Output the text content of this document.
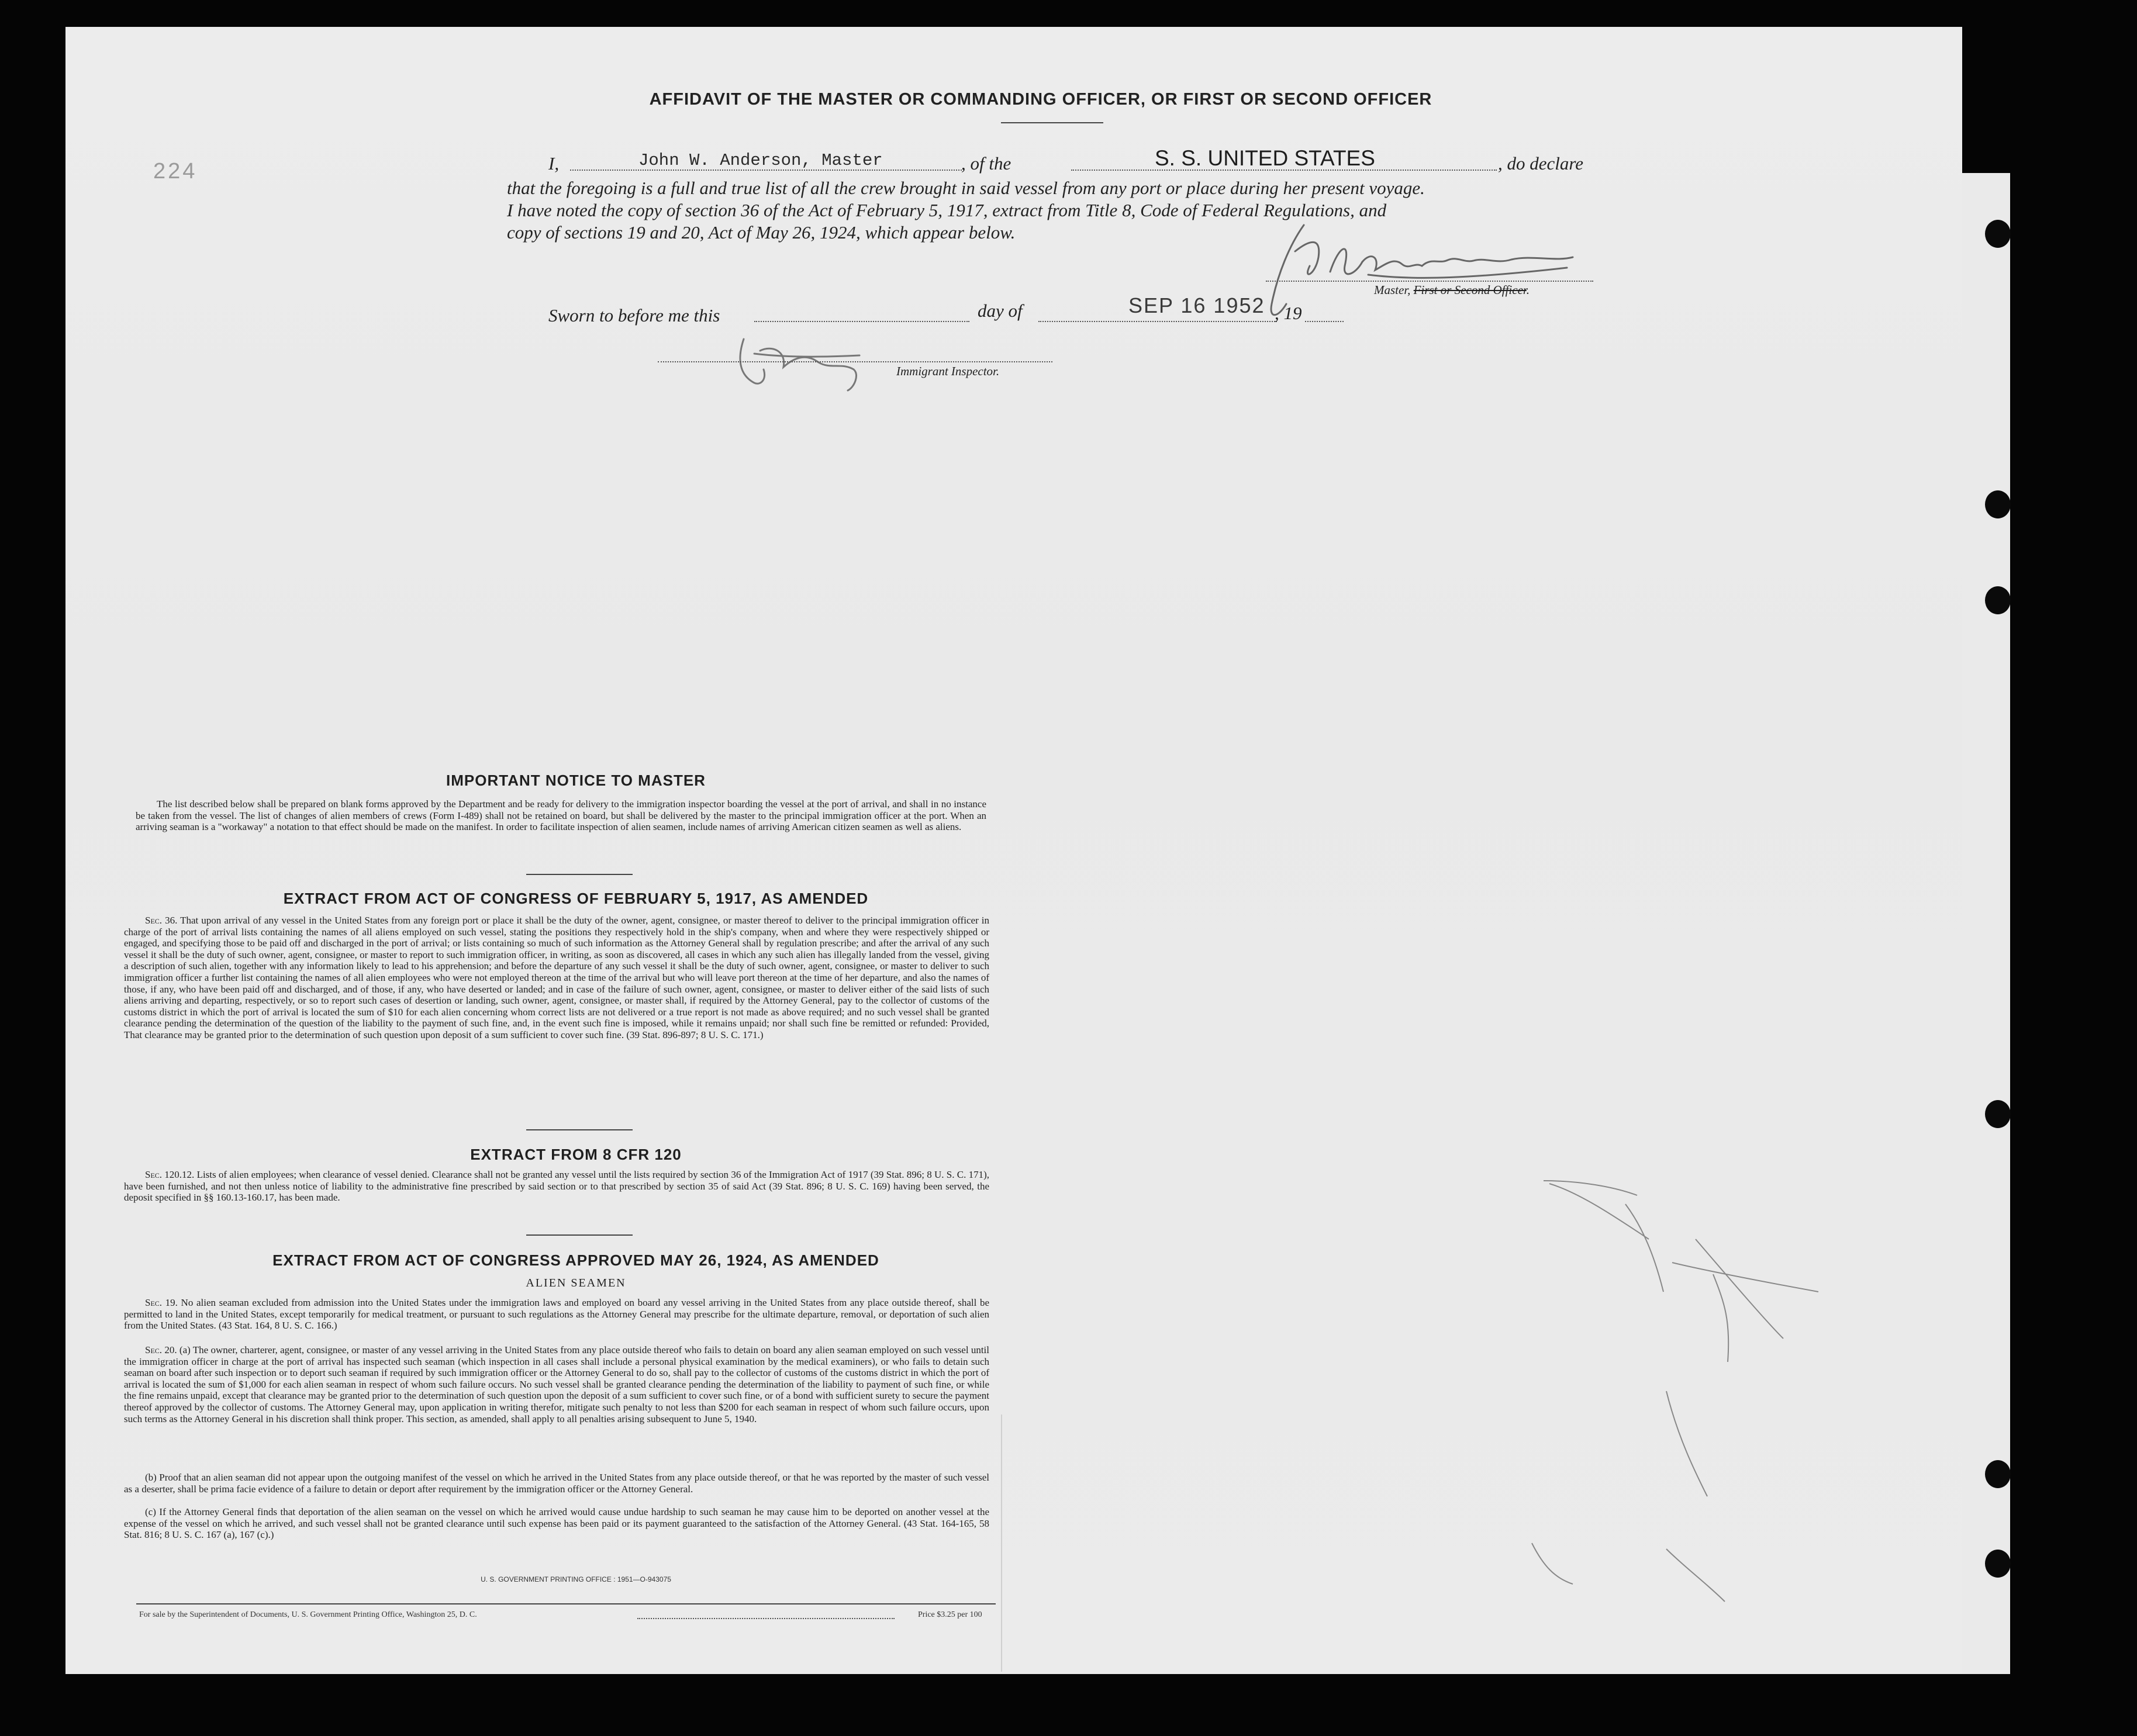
224
AFFIDAVIT OF THE MASTER OR COMMANDING OFFICER, OR FIRST OR SECOND OFFICER
I,	John W. Anderson, Master	, of the	S. S. UNITED STATES	, do declare
that the foregoing is a full and true list of all the crew brought in said vessel from any port or place during her present voyage.
I have noted the copy of section 36 of the Act of February 5, 1917, extract from Title 8, Code of Federal Regulations, and
copy of sections 19 and 20, Act of May 26, 1924, which appear below.
Master, First or Second Officer.
Sworn to before me this	day of	SEP 16 1952 , 19
Immigrant Inspector.
IMPORTANT NOTICE TO MASTER
The list described below shall be prepared on blank forms approved by the Department and be ready for delivery to the immigration inspector boarding the vessel at the port of arrival, and shall in no instance be taken from the vessel. The list of changes of alien members of crews (Form I-489) shall not be retained on board, but shall be delivered by the master to the principal immigration officer at the port. When an arriving seaman is a "workaway" a notation to that effect should be made on the manifest. In order to facilitate inspection of alien seamen, include names of arriving American citizen seamen as well as aliens.
EXTRACT FROM ACT OF CONGRESS OF FEBRUARY 5, 1917, AS AMENDED
Sec. 36. That upon arrival of any vessel in the United States from any foreign port or place it shall be the duty of the owner, agent, consignee, or master thereof to deliver to the principal immigration officer in charge of the port of arrival lists containing the names of all aliens employed on such vessel, stating the positions they respectively hold in the ship's company, when and where they were respectively shipped or engaged, and specifying those to be paid off and discharged in the port of arrival; or lists containing so much of such information as the Attorney General shall by regulation prescribe; and after the arrival of any such vessel it shall be the duty of such owner, agent, consignee, or master to report to such immigration officer, in writing, as soon as discovered, all cases in which any such alien has illegally landed from the vessel, giving a description of such alien, together with any information likely to lead to his apprehension; and before the departure of any such vessel it shall be the duty of such owner, agent, consignee, or master to deliver to such immigration officer a further list containing the names of all alien employees who were not employed thereon at the time of the arrival but who will leave port thereon at the time of her departure, and also the names of those, if any, who have been paid off and discharged, and of those, if any, who have deserted or landed; and in case of the failure of such owner, agent, consignee, or master to deliver either of the said lists of such aliens arriving and departing, respectively, or so to report such cases of desertion or landing, such owner, agent, consignee, or master shall, if required by the Attorney General, pay to the collector of customs of the customs district in which the port of arrival is located the sum of $10 for each alien concerning whom correct lists are not delivered or a true report is not made as above required; and no such vessel shall be granted clearance pending the determination of the question of the liability to the payment of such fine, and, in the event such fine is imposed, while it remains unpaid; nor shall such fine be remitted or refunded: Provided, That clearance may be granted prior to the determination of such question upon deposit of a sum sufficient to cover such fine. (39 Stat. 896-897; 8 U. S. C. 171.)
EXTRACT FROM 8 CFR 120
Sec. 120.12. Lists of alien employees; when clearance of vessel denied. Clearance shall not be granted any vessel until the lists required by section 36 of the Immigration Act of 1917 (39 Stat. 896; 8 U. S. C. 171), have been furnished, and not then unless notice of liability to the administrative fine prescribed by said section or to that prescribed by section 35 of said Act (39 Stat. 896; 8 U. S. C. 169) having been served, the deposit specified in §§ 160.13-160.17, has been made.
EXTRACT FROM ACT OF CONGRESS APPROVED MAY 26, 1924, AS AMENDED
ALIEN SEAMEN
Sec. 19. No alien seaman excluded from admission into the United States under the immigration laws and employed on board any vessel arriving in the United States from any place outside thereof, shall be permitted to land in the United States, except temporarily for medical treatment, or pursuant to such regulations as the Attorney General may prescribe for the ultimate departure, removal, or deportation of such alien from the United States. (43 Stat. 164, 8 U. S. C. 166.)
Sec. 20. (a) The owner, charterer, agent, consignee, or master of any vessel arriving in the United States from any place outside thereof who fails to detain on board any alien seaman employed on such vessel until the immigration officer in charge at the port of arrival has inspected such seaman (which inspection in all cases shall include a personal physical examination by the medical examiners), or who fails to detain such seaman on board after such inspection or to deport such seaman if required by such immigration officer or the Attorney General to do so, shall pay to the collector of customs of the customs district in which the port of arrival is located the sum of $1,000 for each alien seaman in respect of whom such failure occurs. No such vessel shall be granted clearance pending the determination of the liability to payment of such fine, or while the fine remains unpaid, except that clearance may be granted prior to the determination of such question upon the deposit of a sum sufficient to cover such fine, or of a bond with sufficient surety to secure the payment thereof approved by the collector of customs. The Attorney General may, upon application in writing therefor, mitigate such penalty to not less than $200 for each seaman in respect of whom such failure occurs, upon such terms as the Attorney General in his discretion shall think proper. This section, as amended, shall apply to all penalties arising subsequent to June 5, 1940.
(b) Proof that an alien seaman did not appear upon the outgoing manifest of the vessel on which he arrived in the United States from any place outside thereof, or that he was reported by the master of such vessel as a deserter, shall be prima facie evidence of a failure to detain or deport after requirement by the immigration officer or the Attorney General.
(c) If the Attorney General finds that deportation of the alien seaman on the vessel on which he arrived would cause undue hardship to such seaman he may cause him to be deported on another vessel at the expense of the vessel on which he arrived, and such vessel shall not be granted clearance until such expense has been paid or its payment guaranteed to the satisfaction of the Attorney General. (43 Stat. 164-165, 58 Stat. 816; 8 U. S. C. 167 (a), 167 (c).)
U. S. GOVERNMENT PRINTING OFFICE : 1951—O-943075
For sale by the Superintendent of Documents, U. S. Government Printing Office, Washington 25, D. C.	Price $3.25 per 100
